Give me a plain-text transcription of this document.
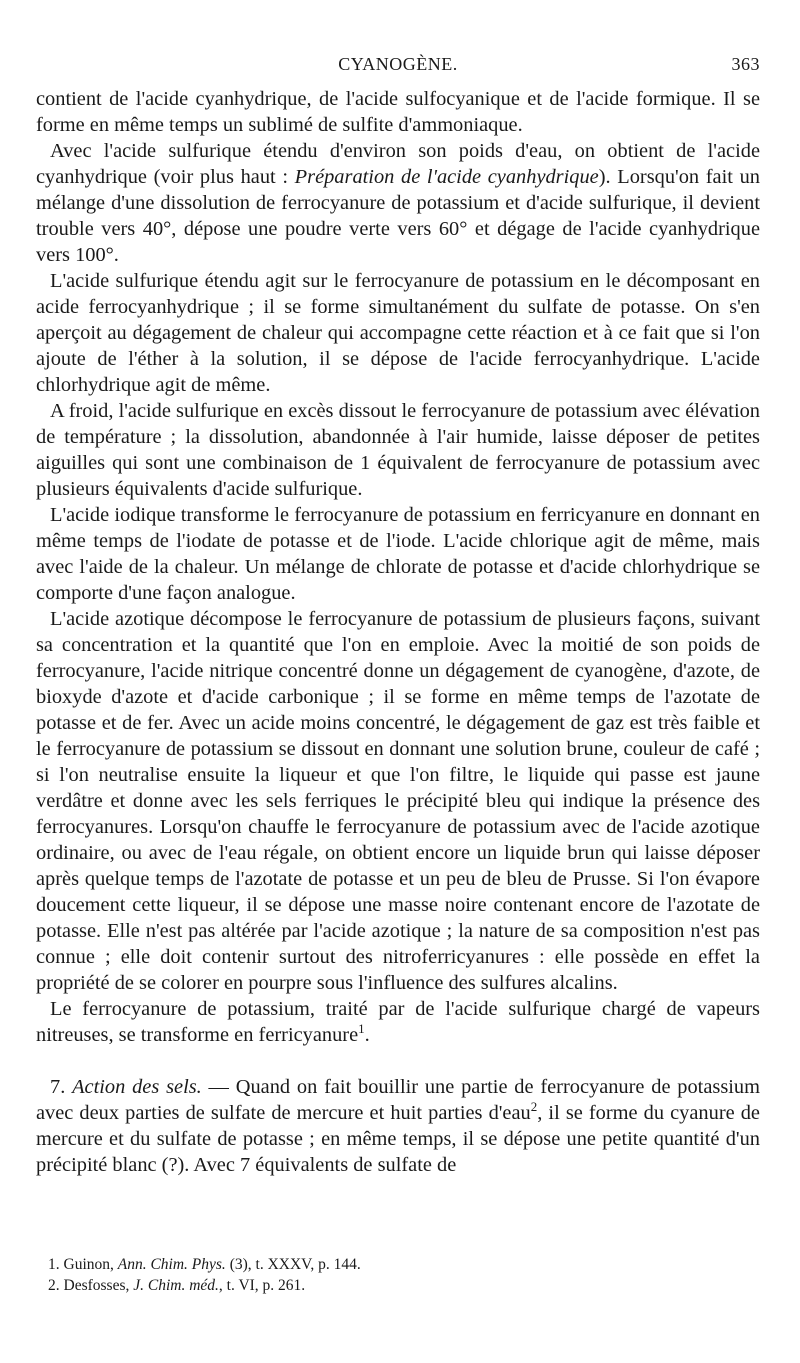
CYANOGÈNE.	363

contient de l'acide cyanhydrique, de l'acide sulfocyanique et de l'acide formique. Il se forme en même temps un sublimé de sulfite d'ammoniaque.

Avec l'acide sulfurique étendu d'environ son poids d'eau, on obtient de l'acide cyanhydrique (voir plus haut : Préparation de l'acide cyanhydrique). Lorsqu'on fait un mélange d'une dissolution de ferrocyanure de potassium et d'acide sulfurique, il devient trouble vers 40°, dépose une poudre verte vers 60° et dégage de l'acide cyanhydrique vers 100°.

L'acide sulfurique étendu agit sur le ferrocyanure de potassium en le décomposant en acide ferrocyanhydrique ; il se forme simultanément du sulfate de potasse. On s'en aperçoit au dégagement de chaleur qui accompagne cette réaction et à ce fait que si l'on ajoute de l'éther à la solution, il se dépose de l'acide ferrocyanhydrique. L'acide chlorhydrique agit de même.

A froid, l'acide sulfurique en excès dissout le ferrocyanure de potassium avec élévation de température ; la dissolution, abandonnée à l'air humide, laisse déposer de petites aiguilles qui sont une combinaison de 1 équivalent de ferrocyanure de potassium avec plusieurs équivalents d'acide sulfurique.

L'acide iodique transforme le ferrocyanure de potassium en ferricyanure en donnant en même temps de l'iodate de potasse et de l'iode. L'acide chlorique agit de même, mais avec l'aide de la chaleur. Un mélange de chlorate de potasse et d'acide chlorhydrique se comporte d'une façon analogue.

L'acide azotique décompose le ferrocyanure de potassium de plusieurs façons, suivant sa concentration et la quantité que l'on en emploie. Avec la moitié de son poids de ferrocyanure, l'acide nitrique concentré donne un dégagement de cyanogène, d'azote, de bioxyde d'azote et d'acide carbonique ; il se forme en même temps de l'azotate de potasse et de fer. Avec un acide moins concentré, le dégagement de gaz est très faible et le ferrocyanure de potassium se dissout en donnant une solution brune, couleur de café ; si l'on neutralise ensuite la liqueur et que l'on filtre, le liquide qui passe est jaune verdâtre et donne avec les sels ferriques le précipité bleu qui indique la présence des ferrocyanures. Lorsqu'on chauffe le ferrocyanure de potassium avec de l'acide azotique ordinaire, ou avec de l'eau régale, on obtient encore un liquide brun qui laisse déposer après quelque temps de l'azotate de potasse et un peu de bleu de Prusse. Si l'on évapore doucement cette liqueur, il se dépose une masse noire contenant encore de l'azotate de potasse. Elle n'est pas altérée par l'acide azotique ; la nature de sa composition n'est pas connue ; elle doit contenir surtout des nitroferricyanures : elle possède en effet la propriété de se colorer en pourpre sous l'influence des sulfures alcalins.

Le ferrocyanure de potassium, traité par de l'acide sulfurique chargé de vapeurs nitreuses, se transforme en ferricyanure$^1$.

7. Action des sels. — Quand on fait bouillir une partie de ferrocyanure de potassium avec deux parties de sulfate de mercure et huit parties d'eau$^2$, il se forme du cyanure de mercure et du sulfate de potasse ; en même temps, il se dépose une petite quantité d'un précipité blanc (?). Avec 7 équivalents de sulfate de

1. Guinon, Ann. Chim. Phys. (3), t. XXXV, p. 144.

2. Desfosses, J. Chim. méd., t. VI, p. 261.
